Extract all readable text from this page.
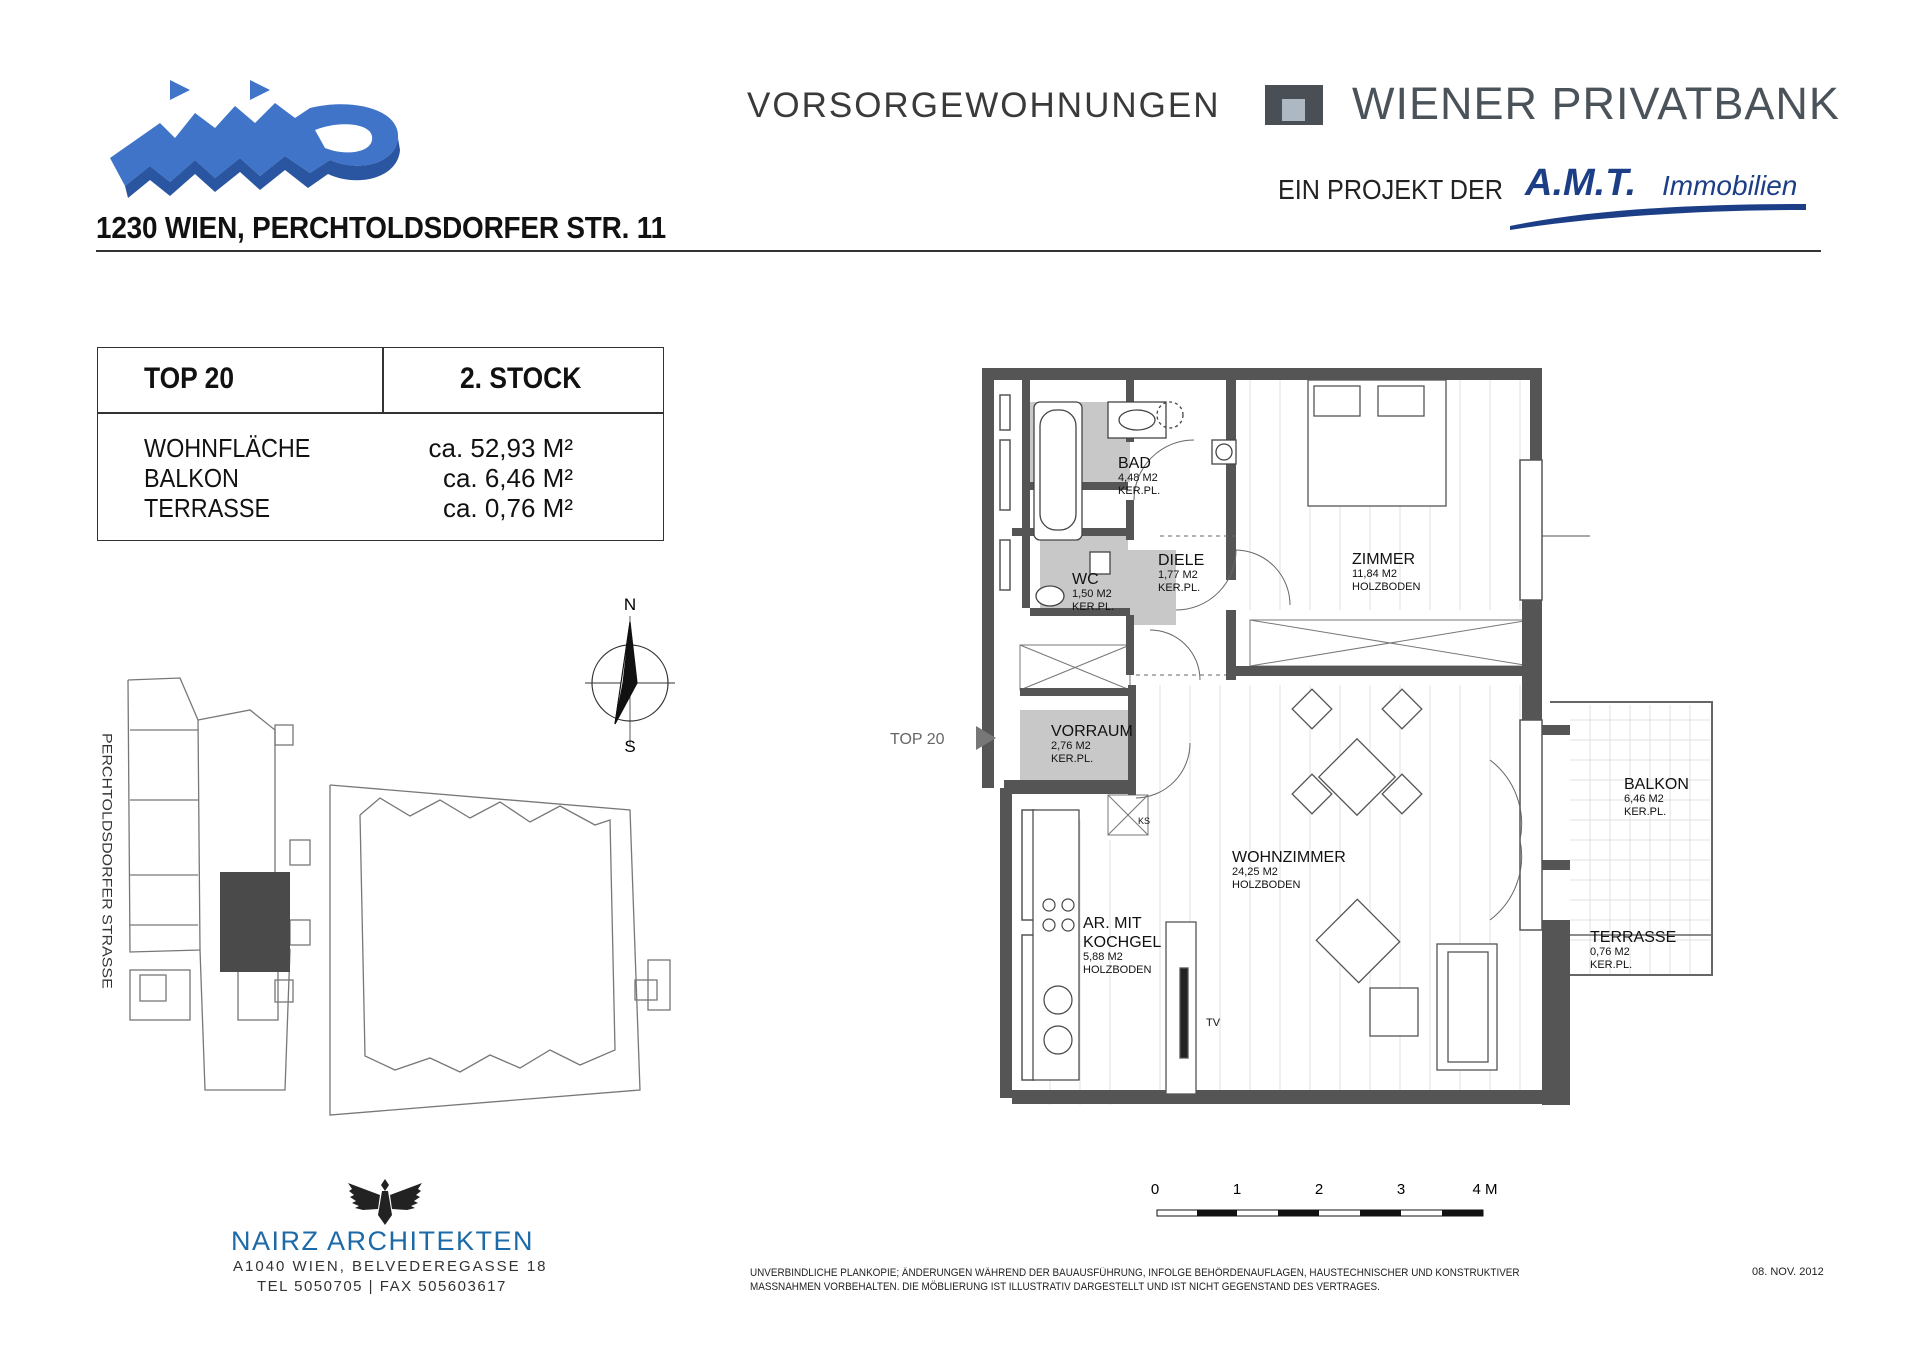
1230 WIEN, PERCHTOLDSDORFER STR. 11
VORSORGEWOHNUNGEN	WIENER PRIVATBANK
EIN PROJEKT DER A.M.T. Immobilien
TOP 20	2. STOCK
WOHNFLÄCHE	ca. 52,93 M²
BALKON	ca. 6,46 M²
TERRASSE	ca. 0,76 M²
N
S
PERCHTOLDSDORFER STRASSE	TOP 20
BAD
4,48 M2
KER.PL.
DIELE
1,77 M2
KER.PL.
WC
1,50 M2
KER.PL.
ZIMMER
11,84 M2
HOLZBODEN
VORRAUM
2,76 M2
KER.PL.
WOHNZIMMER
24,25 M2
HOLZBODEN
AR. MIT
KOCHGEL
5,88 M2
HOLZBODEN
BALKON
6,46 M2
KER.PL.
TERRASSE
0,76 M2
KER.PL.
KS
TV
0	1	2	3	4 M
NAIRZ ARCHITEKTEN
A1040 WIEN, BELVEDEREGASSE 18
TEL 5050705 | FAX 505603617
UNVERBINDLICHE PLANKOPIE; ÄNDERUNGEN WÄHREND DER BAUAUSFÜHRUNG, INFOLGE BEHÖRDENAUFLAGEN, HAUSTECHNISCHER UND KONSTRUKTIVER
MASSNAHMEN VORBEHALTEN. DIE MÖBLIERUNG IST ILLUSTRATIV DARGESTELLT UND IST NICHT GEGENSTAND DES VERTRAGES.
08. NOV. 2012
